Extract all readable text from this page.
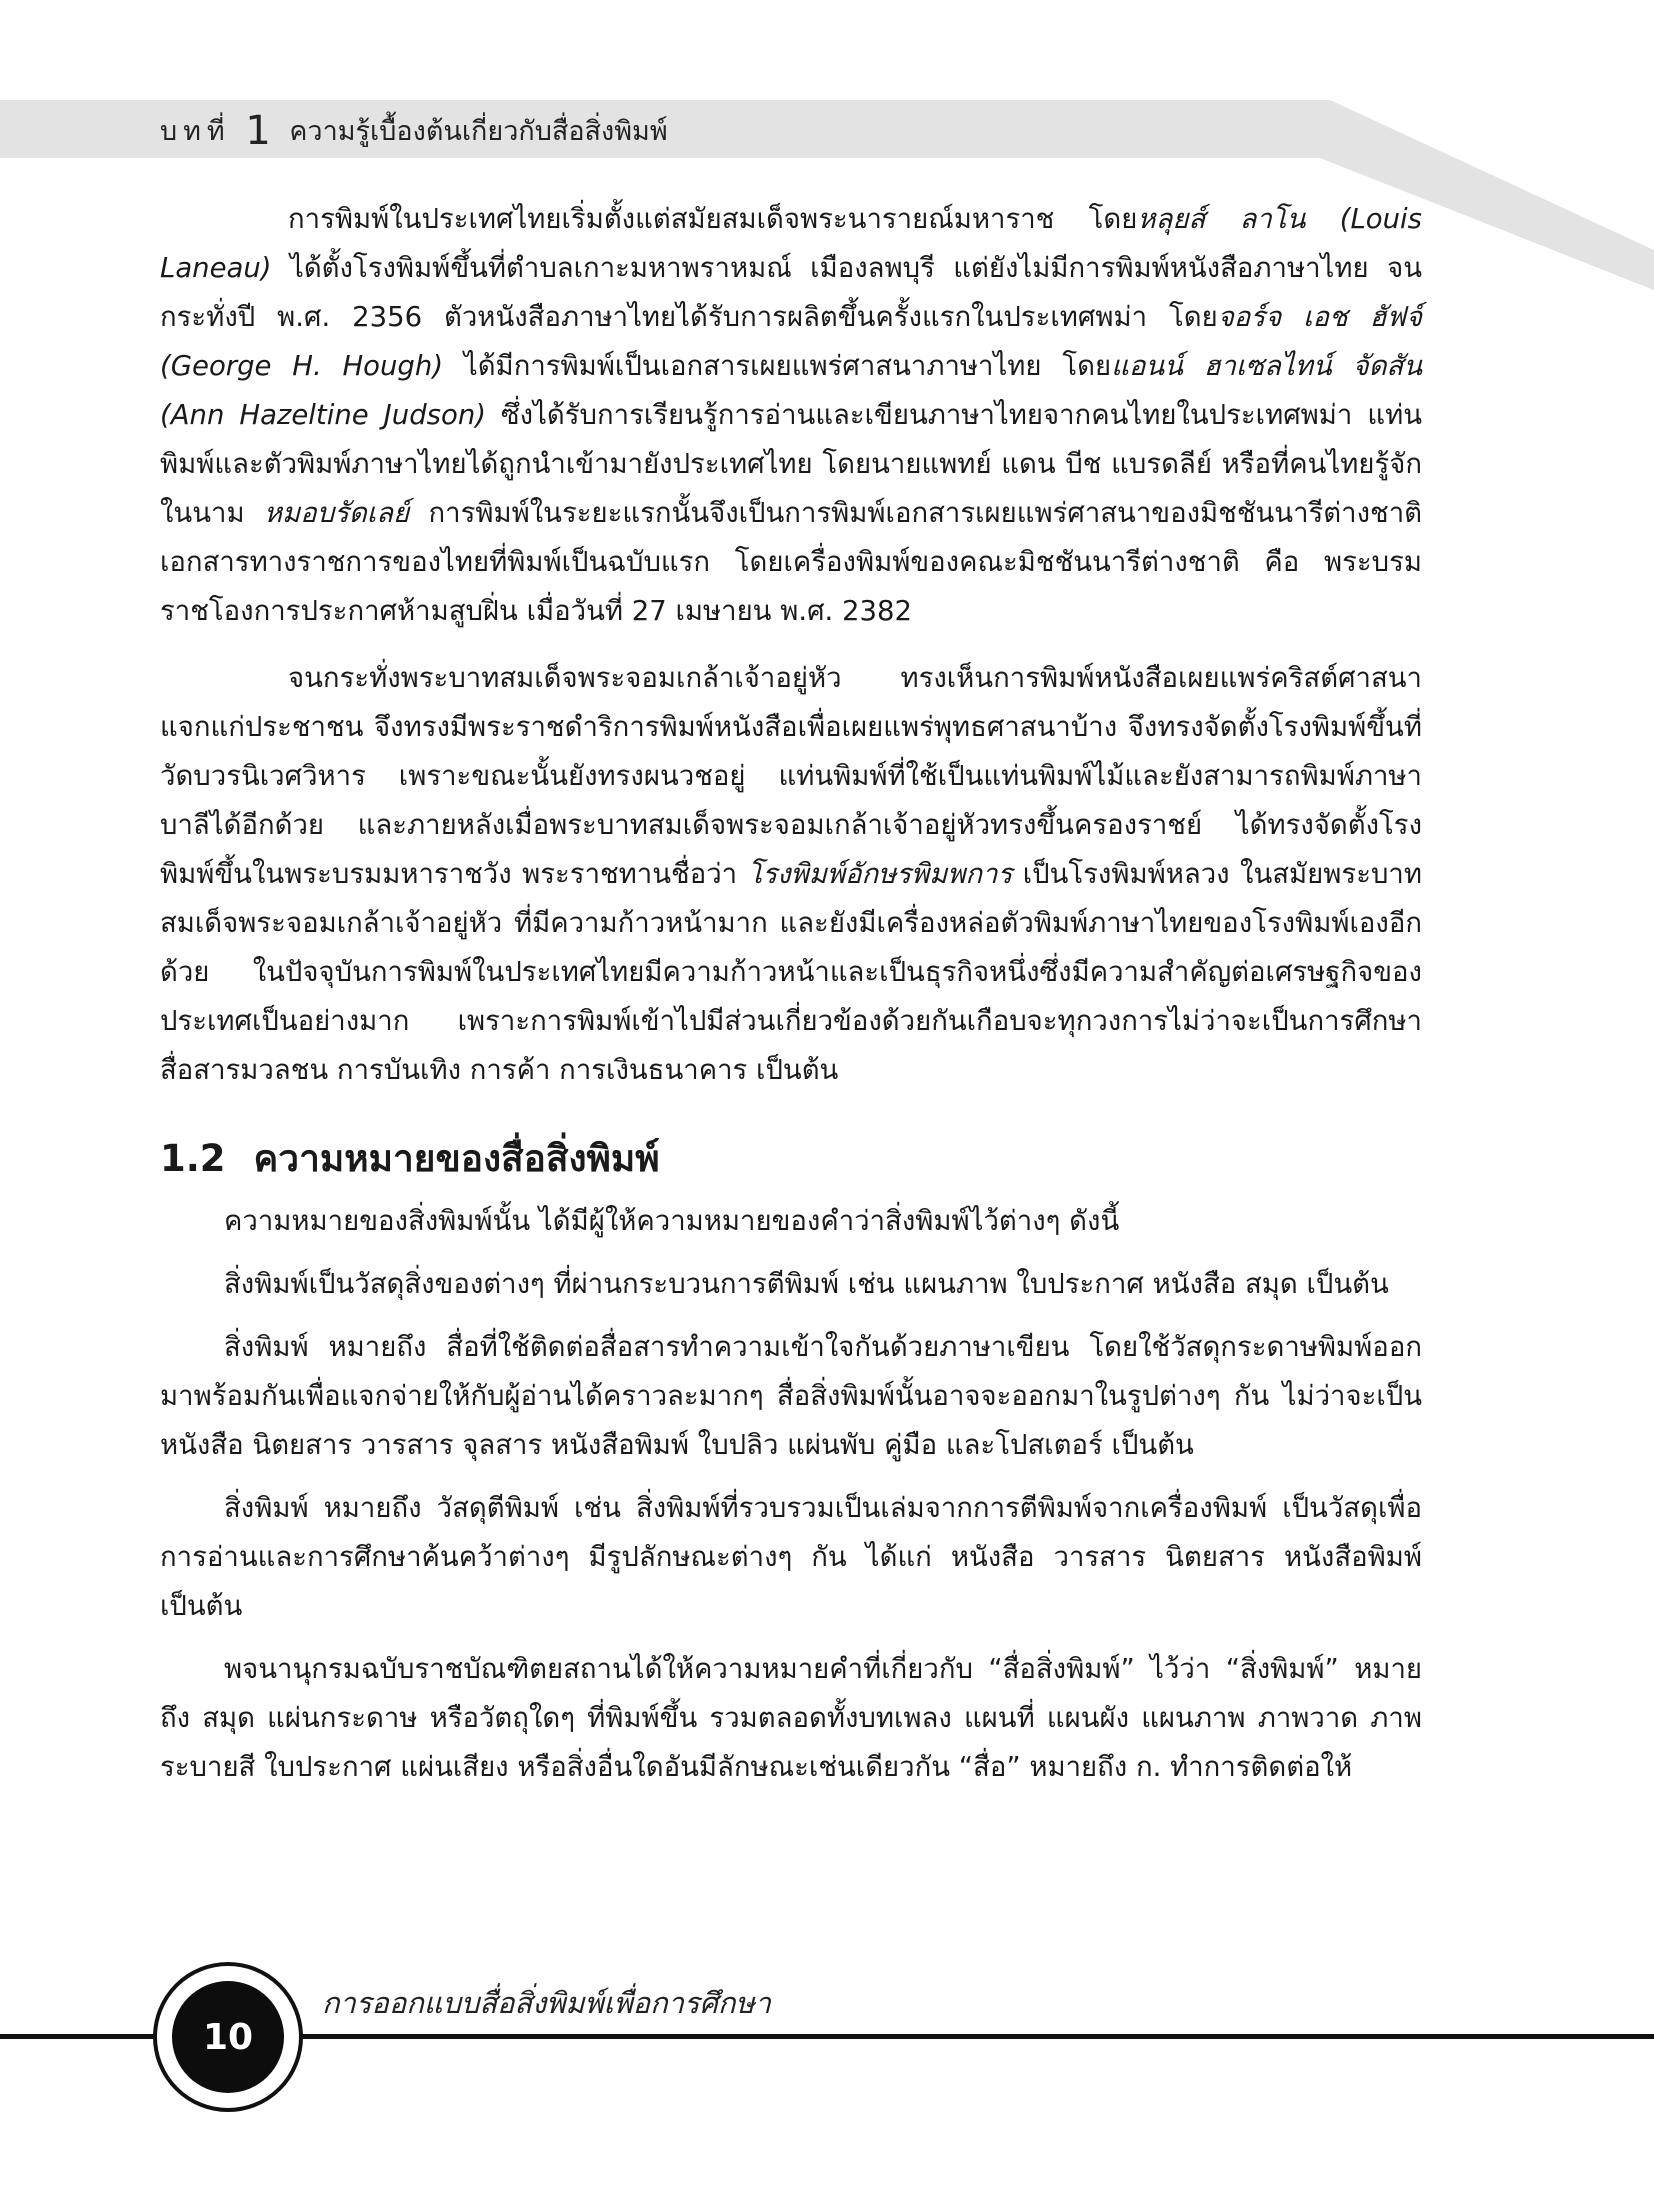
บทที่ 1 ความรู้เบื้องต้นเกี่ยวกับสื่อสิ่งพิมพ์

การพิมพ์ในประเทศไทยเริ่มตั้งแต่สมัยสมเด็จพระนารายณ์มหาราช โดยหลุยส์ ลาโน (Louis Laneau) ได้ตั้งโรงพิมพ์ขึ้นที่ตำบลเกาะมหาพราหมณ์ เมืองลพบุรี แต่ยังไม่มีการพิมพ์หนังสือภาษาไทย จนกระทั่งปี พ.ศ. 2356 ตัวหนังสือภาษาไทยได้รับการผลิตขึ้นครั้งแรกในประเทศพม่า โดยจอร์จ เอช ฮัฟจ์ (George H. Hough) ได้มีการพิมพ์เป็นเอกสารเผยแพร่ศาสนาภาษาไทย โดยแอนน์ ฮาเซลไทน์ จัดสัน (Ann Hazeltine Judson) ซึ่งได้รับการเรียนรู้การอ่านและเขียนภาษาไทยจากคนไทยในประเทศพม่า แท่นพิมพ์และตัวพิมพ์ภาษาไทยได้ถูกนำเข้ามายังประเทศไทย โดยนายแพทย์ แดน บีช แบรดลีย์ หรือที่คนไทยรู้จักในนาม หมอบรัดเลย์ การพิมพ์ในระยะแรกนั้นจึงเป็นการพิมพ์เอกสารเผยแพร่ศาสนาของมิชชันนารีต่างชาติ เอกสารทางราชการของไทยที่พิมพ์เป็นฉบับแรก โดยเครื่องพิมพ์ของคณะมิชชันนารีต่างชาติ คือ พระบรมราชโองการประกาศห้ามสูบฝิ่น เมื่อวันที่ 27 เมษายน พ.ศ. 2382

จนกระทั่งพระบาทสมเด็จพระจอมเกล้าเจ้าอยู่หัว ทรงเห็นการพิมพ์หนังสือเผยแพร่คริสต์ศาสนาแจกแก่ประชาชน จึงทรงมีพระราชดำริการพิมพ์หนังสือเพื่อเผยแพร่พุทธศาสนาบ้าง จึงทรงจัดตั้งโรงพิมพ์ขึ้นที่วัดบวรนิเวศวิหาร เพราะขณะนั้นยังทรงผนวชอยู่ แท่นพิมพ์ที่ใช้เป็นแท่นพิมพ์ไม้และยังสามารถพิมพ์ภาษาบาลีได้อีกด้วย และภายหลังเมื่อพระบาทสมเด็จพระจอมเกล้าเจ้าอยู่หัวทรงขึ้นครองราชย์ ได้ทรงจัดตั้งโรงพิมพ์ขึ้นในพระบรมมหาราชวัง พระราชทานชื่อว่า โรงพิมพ์อักษรพิมพการ เป็นโรงพิมพ์หลวง ในสมัยพระบาทสมเด็จพระจอมเกล้าเจ้าอยู่หัว ที่มีความก้าวหน้ามาก และยังมีเครื่องหล่อตัวพิมพ์ภาษาไทยของโรงพิมพ์เองอีกด้วย ในปัจจุบันการพิมพ์ในประเทศไทยมีความก้าวหน้าและเป็นธุรกิจหนึ่งซึ่งมีความสำคัญต่อเศรษฐกิจของประเทศเป็นอย่างมาก เพราะการพิมพ์เข้าไปมีส่วนเกี่ยวข้องด้วยกันเกือบจะทุกวงการไม่ว่าจะเป็นการศึกษา สื่อสารมวลชน การบันเทิง การค้า การเงินธนาคาร เป็นต้น

1.2 ความหมายของสื่อสิ่งพิมพ์

ความหมายของสิ่งพิมพ์นั้น ได้มีผู้ให้ความหมายของคำว่าสิ่งพิมพ์ไว้ต่างๆ ดังนี้

สิ่งพิมพ์เป็นวัสดุสิ่งของต่างๆ ที่ผ่านกระบวนการตีพิมพ์ เช่น แผนภาพ ใบประกาศ หนังสือ สมุด เป็นต้น

สิ่งพิมพ์ หมายถึง สื่อที่ใช้ติดต่อสื่อสารทำความเข้าใจกันด้วยภาษาเขียน โดยใช้วัสดุกระดาษพิมพ์ออกมาพร้อมกันเพื่อแจกจ่ายให้กับผู้อ่านได้คราวละมากๆ สื่อสิ่งพิมพ์นั้นอาจจะออกมาในรูปต่างๆ กัน ไม่ว่าจะเป็นหนังสือ นิตยสาร วารสาร จุลสาร หนังสือพิมพ์ ใบปลิว แผ่นพับ คู่มือ และโปสเตอร์ เป็นต้น

สิ่งพิมพ์ หมายถึง วัสดุตีพิมพ์ เช่น สิ่งพิมพ์ที่รวบรวมเป็นเล่มจากการตีพิมพ์จากเครื่องพิมพ์ เป็นวัสดุเพื่อการอ่านและการศึกษาค้นคว้าต่างๆ มีรูปลักษณะต่างๆ กัน ได้แก่ หนังสือ วารสาร นิตยสาร หนังสือพิมพ์ เป็นต้น

พจนานุกรมฉบับราชบัณฑิตยสถานได้ให้ความหมายคำที่เกี่ยวกับ “สื่อสิ่งพิมพ์” ไว้ว่า “สิ่งพิมพ์” หมายถึง สมุด แผ่นกระดาษ หรือวัตถุใดๆ ที่พิมพ์ขึ้น รวมตลอดทั้งบทเพลง แผนที่ แผนผัง แผนภาพ ภาพวาด ภาพระบายสี ใบประกาศ แผ่นเสียง หรือสิ่งอื่นใดอันมีลักษณะเช่นเดียวกัน “สื่อ” หมายถึง ก. ทำการติดต่อให้

10
การออกแบบสื่อสิ่งพิมพ์เพื่อการศึกษา
